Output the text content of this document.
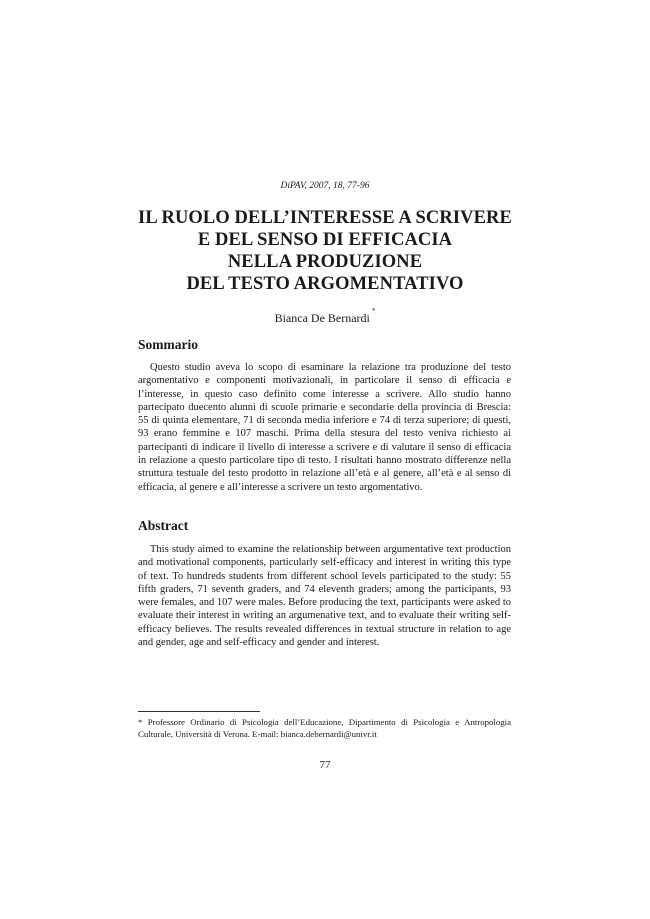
DiPAV, 2007, 18, 77-96
IL RUOLO DELL’INTERESSE A SCRIVERE
E DEL SENSO DI EFFICACIA
NELLA PRODUZIONE
DEL TESTO ARGOMENTATIVO
Bianca De Bernardi *
Sommario

Questo studio aveva lo scopo di esaminare la relazione tra produzione del testo argomentativo e componenti motivazionali, in particolare il senso di efficacia e l’interesse, in questo caso definito come interesse a scrivere. Allo studio hanno partecipato duecento alunni di scuole primarie e secondarie della provincia di Brescia: 55 di quinta elementare, 71 di seconda media inferiore e 74 di terza superiore; di questi, 93 erano femmine e 107 maschi. Prima della stesura del testo veniva richiesto ai partecipanti di indicare il livello di interesse a scrivere e di valutare il senso di efficacia in relazione a questo particolare tipo di testo. I risultati hanno mostrato differenze nella struttura testuale del testo prodotto in relazione all’età e al genere, all’età e al senso di efficacia, al genere e all’interesse a scrivere un testo argomentativo.

Abstract

This study aimed to examine the relationship between argumentative text production and motivational components, particularly self-efficacy and interest in writing this type of text. To hundreds students from different school levels participated to the study: 55 fifth graders, 71 seventh graders, and 74 eleventh graders; among the participants, 93 were females, and 107 were males. Before producing the text, participants were asked to evaluate their interest in writing an argumenative text, and to evaluate their writing self-efficacy believes. The results revealed differences in textual structure in relation to age and gender, age and self-efficacy and gender and interest.

* Professore Ordinario di Psicologia dell’Educazione, Dipartimento di Psicologia e Antropologia Culturale, Università di Verona. E-mail: bianca.debernardi@univr.it

77
